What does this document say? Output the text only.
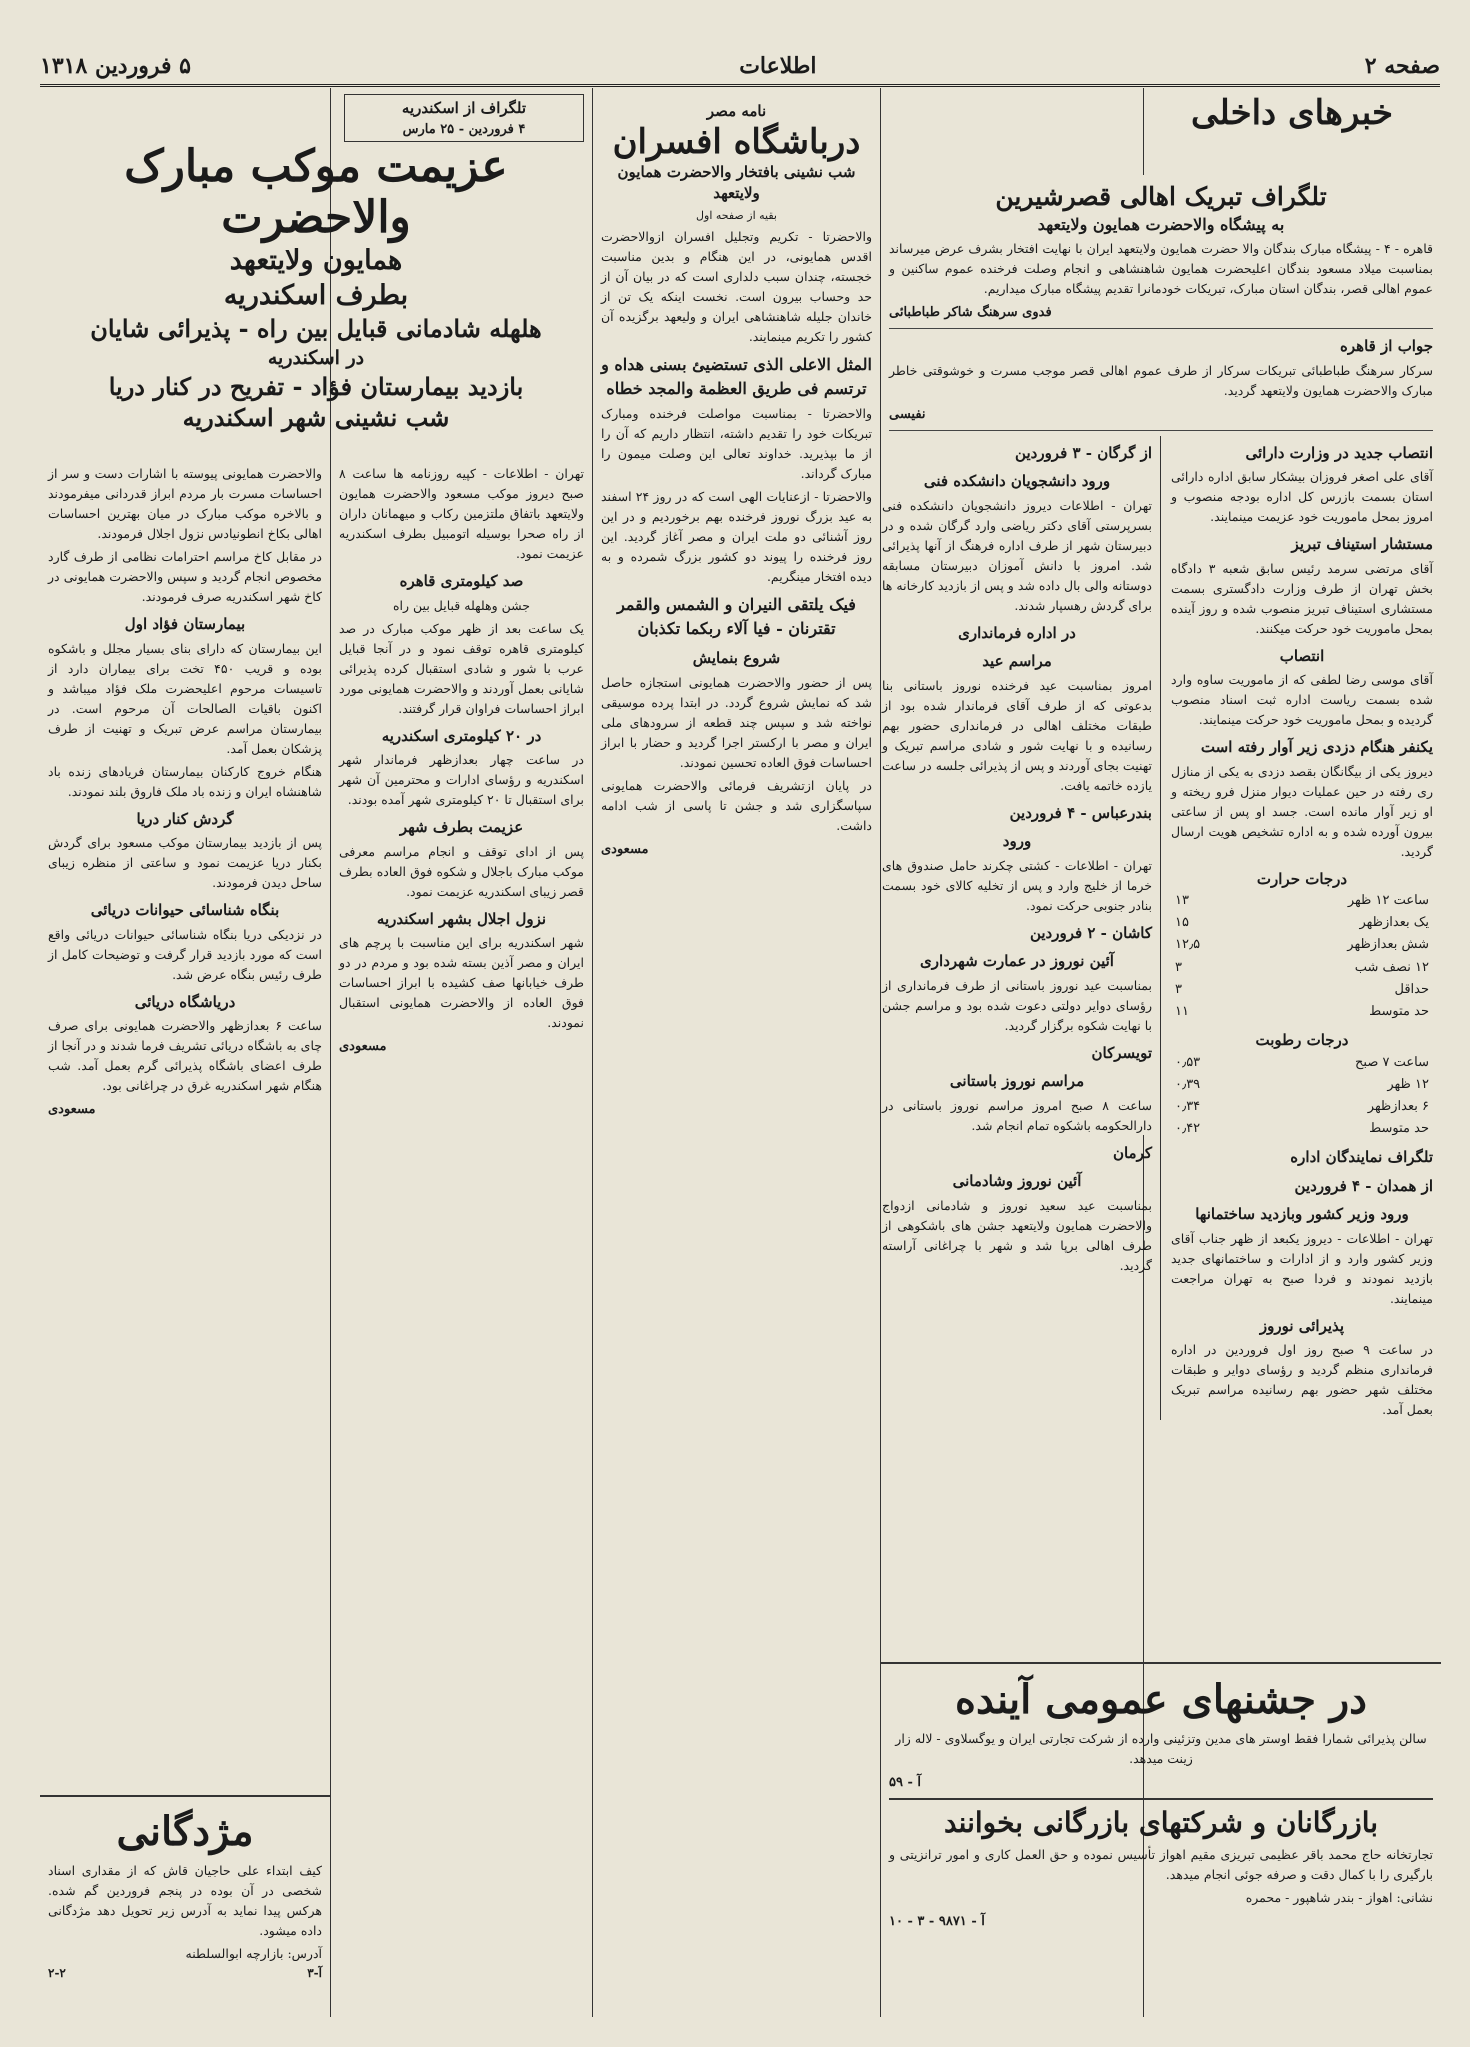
صفحه ۲
اطلاعات
۵ فروردین ۱۳۱۸
خبرهای داخلی
تلگراف تبریک اهالی قصرشیرین
به پیشگاه والاحضرت همایون ولایتعهد

قاهره - ۴ - پیشگاه مبارک بندگان والا حضرت همایون ولایتعهد ایران با نهایت افتخار بشرف عرض میرساند بمناسبت میلاد مسعود بندگان اعلیحضرت همایون شاهنشاهی و انجام وصلت فرخنده عموم ساکنین و عموم اهالی قصر، بندگان استان مبارک، تبریکات خودمانرا تقدیم پیشگاه مبارک میداریم.

فدوی سرهنگ شاکر طباطبائی
جواب از قاهره

سرکار سرهنگ طباطبائی تبریکات سرکار از طرف عموم اهالی قصر موجب مسرت و خوشوقتی خاطر مبارک والاحضرت همایون ولایتعهد گردید.

نفیسی
انتصاب جدید در وزارت دارائی

آقای علی اصغر فروزان بیشکار سابق اداره دارائی استان بسمت بازرس کل اداره بودجه منصوب و امروز بمحل ماموریت خود عزیمت مینمایند.

مستشار استیناف تبریز

آقای مرتضی سرمد رئیس سابق شعبه ۳ دادگاه بخش تهران از طرف وزارت دادگستری بسمت مستشاری استیناف تبریز منصوب شده و روز آینده بمحل ماموریت خود حرکت میکنند.

انتصاب

آقای موسی رضا لطفی که از ماموریت ساوه وارد شده بسمت ریاست اداره ثبت اسناد منصوب گردیده و بمحل ماموریت خود حرکت مینمایند.

یکنفر هنگام دزدی زیر آوار رفته است

دیروز یکی از بیگانگان بقصد دزدی به یکی از منازل ری رفته در حین عملیات دیوار منزل فرو ریخته و او زیر آوار مانده است. جسد او پس از ساعتی بیرون آورده شده و به اداره تشخیص هویت ارسال گردید.

درجات حرارت
ساعت ۱۲ ظهر	۱۳
یک بعدازظهر	۱۵
شش بعدازظهر	۱۲٫۵
۱۲ نصف شب	۳
حداقل	۳
حد متوسط	۱۱
درجات رطوبت
ساعت ۷ صبح	۰٫۵۳
۱۲ ظهر	۰٫۳۹
۶ بعدازظهر	۰٫۳۴
حد متوسط	۰٫۴۲
تلگراف نمایندگان اداره
از همدان - ۴ فروردین
ورود وزیر کشور وبازدید ساختمانها

تهران - اطلاعات - دیروز یکبعد از ظهر جناب آقای وزیر کشور وارد و از ادارات و ساختمانهای جدید بازدید نمودند و فردا صبح به تهران مراجعت مینمایند.

پذیرائی نوروز

در ساعت ۹ صبح روز اول فروردین در اداره فرمانداری منظم گردید و رؤسای دوایر و طبقات مختلف شهر حضور بهم رسانیده مراسم تبریک بعمل آمد.

از گرگان - ۳ فروردین
ورود دانشجویان دانشکده فنی

تهران - اطلاعات دیروز دانشجویان دانشکده فنی بسرپرستی آقای دکتر ریاضی وارد گرگان شده و در دبیرستان شهر از طرف اداره فرهنگ از آنها پذیرائی شد. امروز با دانش آموزان دبیرستان مسابقه دوستانه والی بال داده شد و پس از بازدید کارخانه ها برای گردش رهسپار شدند.

در اداره فرمانداری
مراسم عید

امروز بمناسبت عید فرخنده نوروز باستانی بنا بدعوتی که از طرف آقای فرماندار شده بود از طبقات مختلف اهالی در فرمانداری حضور بهم رسانیده و با نهایت شور و شادی مراسم تبریک و تهنیت بجای آوردند و پس از پذیرائی جلسه در ساعت یازده خاتمه یافت.

بندرعباس - ۴ فروردین
ورود

تهران - اطلاعات - کشتی چکرند حامل صندوق های خرما از خلیج وارد و پس از تخلیه کالای خود بسمت بنادر جنوبی حرکت نمود.

کاشان - ۲ فروردین
آئین نوروز در عمارت شهرداری

بمناسبت عید نوروز باستانی از طرف فرمانداری از رؤسای دوایر دولتی دعوت شده بود و مراسم جشن با نهایت شکوه برگزار گردید.

تویسرکان
مراسم نوروز باستانی

ساعت ۸ صبح امروز مراسم نوروز باستانی در دارالحکومه باشکوه تمام انجام شد.

کرمان
آئین نوروز وشادمانی

بمناسبت عید سعید نوروز و شادمانی ازدواج والاحضرت همایون ولایتعهد جشن های باشکوهی از طرف اهالی برپا شد و شهر با چراغانی آراسته گردید.

در جشنهای عمومی آینده

سالن پذیرائی شمارا فقط اوستر های مدین وتزئینی وارده از شرکت تجارتی ایران و یوگسلاوی - لاله زار زینت میدهد.

آ - ۵۹
بازرگانان و شرکتهای بازرگانی بخوانند

تجارتخانه حاج محمد باقر عظیمی تبریزی مقیم اهواز تأسیس نموده و حق العمل کاری و امور ترانزیتی و بارگیری را با کمال دقت و صرفه جوئی انجام میدهد.

نشانی: اهواز - بندر شاهپور - محمره

آ - ۹۸۷۱ - ۳ - ۱۰
نامه مصر
درباشگاه افسران
شب نشینی بافتخار والاحضرت همایون ولایتعهد
بقیه از صفحه اول

والاحضرتا - تکریم وتجلیل افسران ازوالاحضرت اقدس همایونی، در این هنگام و بدین مناسبت خجسته، چندان سبب دلداری است که در بیان آن از حد وحساب بیرون است. نخست اینکه یک تن از خاندان جلیله شاهنشاهی ایران و ولیعهد برگزیده آن کشور را تکریم مینمایند.

المثل الاعلی الذی تستضیئ بسنی هداه و ترتسم فی طریق العظمة والمجد خطاه

والاحضرتا - بمناسبت مواصلت فرخنده ومبارک تبریکات خود را تقدیم داشته، انتظار داریم که آن را از ما بپذیرید. خداوند تعالی این وصلت میمون را مبارک گرداند.

والاحضرتا - ازعنایات الهی است که در روز ۲۴ اسفند به عید بزرگ نوروز فرخنده بهم برخوردیم و در این روز آشنائی دو ملت ایران و مصر آغاز گردید. این روز فرخنده را پیوند دو کشور بزرگ شمرده و به دیده افتخار مینگریم.

فیک یلتقی النیران و الشمس والقمر تقترنان - فیا آلاء ربکما تکذبان
شروع بنمایش

پس از حضور والاحضرت همایونی استجازه حاصل شد که نمایش شروع گردد. در ابتدا پرده موسیقی نواخته شد و سپس چند قطعه از سرودهای ملی ایران و مصر با ارکستر اجرا گردید و حضار با ابراز احساسات فوق العاده تحسین نمودند.

در پایان ازتشریف فرمائی والاحضرت همایونی سپاسگزاری شد و جشن تا پاسی از شب ادامه داشت.

مسعودی
تلگراف از اسکندریه
۴ فروردین - ۲۵ مارس
عزیمت موکب مبارک والاحضرت
همایون ولایتعهد
بطرف اسکندریه
هلهله شادمانی قبایل بین راه - پذیرائی شایان
در اسکندریه
بازدید بیمارستان فؤاد - تفریح در کنار دریا
شب نشینی شهر اسکندریه

تهران - اطلاعات - کپیه روزنامه ها ساعت ۸ صبح دیروز موکب مسعود والاحضرت همایون ولایتعهد باتفاق ملتزمین رکاب و میهمانان داران از راه صحرا بوسیله اتومبیل بطرف اسکندریه عزیمت نمود.

صد کیلومتری قاهره
جشن وهلهله قبایل بین راه

یک ساعت بعد از ظهر موکب مبارک در صد کیلومتری قاهره توقف نمود و در آنجا قبایل عرب با شور و شادی استقبال کرده پذیرائی شایانی بعمل آوردند و والاحضرت همایونی مورد ابراز احساسات فراوان قرار گرفتند.

در ۲۰ کیلومتری اسکندریه

در ساعت چهار بعدازظهر فرماندار شهر اسکندریه و رؤسای ادارات و محترمین آن شهر برای استقبال تا ۲۰ کیلومتری شهر آمده بودند.

عزیمت بطرف شهر

پس از ادای توقف و انجام مراسم معرفی موکب مبارک باجلال و شکوه فوق العاده بطرف قصر زیبای اسکندریه عزیمت نمود.

نزول اجلال بشهر اسکندریه

شهر اسکندریه برای این مناسبت با پرچم های ایران و مصر آذین بسته شده بود و مردم در دو طرف خیابانها صف کشیده با ابراز احساسات فوق العاده از والاحضرت همایونی استقبال نمودند.

مسعودی

والاحضرت همایونی پیوسته با اشارات دست و سر از احساسات مسرت بار مردم ابراز قدردانی میفرمودند و بالاخره موکب مبارک در میان بهترین احساسات اهالی بکاخ انطونیادس نزول اجلال فرمودند.

در مقابل کاخ مراسم احترامات نظامی از طرف گارد مخصوص انجام گردید و سپس والاحضرت همایونی در کاخ شهر اسکندریه صرف فرمودند.

بیمارستان فؤاد اول

این بیمارستان که دارای بنای بسیار مجلل و باشکوه بوده و قریب ۴۵۰ تخت برای بیماران دارد از تاسیسات مرحوم اعلیحضرت ملک فؤاد میباشد و اکنون باقیات الصالحات آن مرحوم است. در بیمارستان مراسم عرض تبریک و تهنیت از طرف پزشکان بعمل آمد.

هنگام خروج کارکنان بیمارستان فریادهای زنده باد شاهنشاه ایران و زنده باد ملک فاروق بلند نمودند.

گردش کنار دریا

پس از بازدید بیمارستان موکب مسعود برای گردش بکنار دریا عزیمت نمود و ساعتی از منظره زیبای ساحل دیدن فرمودند.

بنگاه شناسائی حیوانات دریائی

در نزدیکی دریا بنگاه شناسائی حیوانات دریائی واقع است که مورد بازدید قرار گرفت و توضیحات کامل از طرف رئیس بنگاه عرض شد.

دریاشگاه دریائی

ساعت ۶ بعدازظهر والاحضرت همایونی برای صرف چای به باشگاه دریائی تشریف فرما شدند و در آنجا از طرف اعضای باشگاه پذیرائی گرم بعمل آمد. شب هنگام شهر اسکندریه غرق در چراغانی بود.

مسعودی
مژدگانی

کیف ابتداء علی حاجیان قاش که از مقداری اسناد شخصی در آن بوده در پنجم فروردین گم شده. هرکس پیدا نماید به آدرس زیر تحویل دهد مژدگانی داده میشود.

آدرس: بازارچه ابوالسلطنه

آ-۳
۲-۲
